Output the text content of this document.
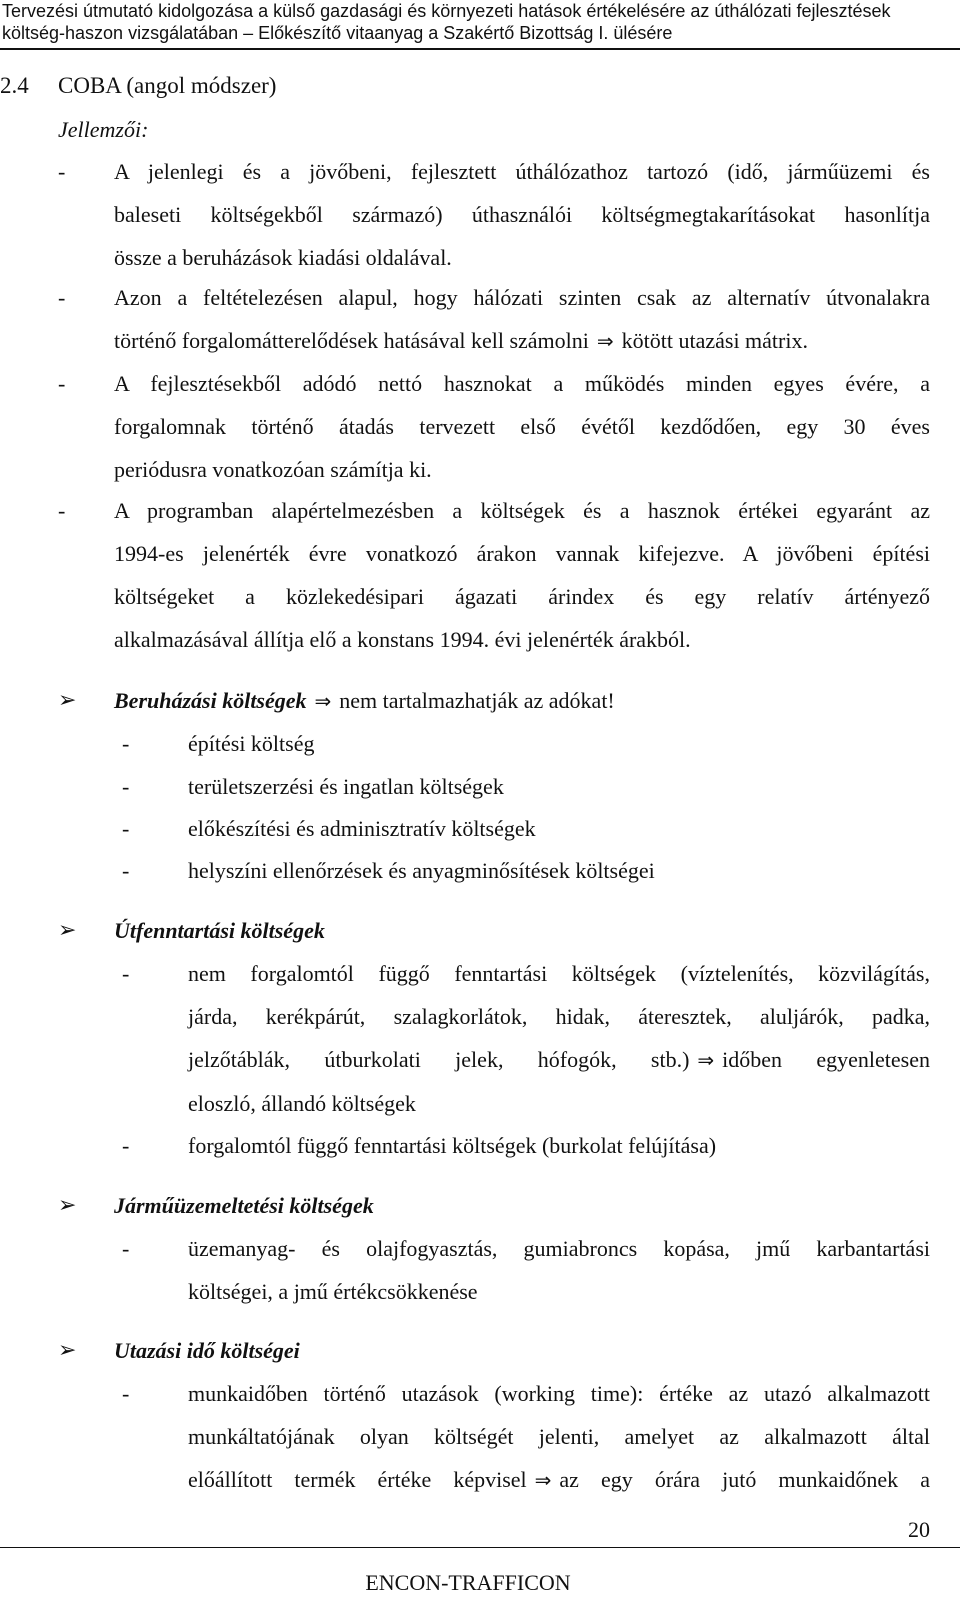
Tervezési útmutató kidolgozása a külső gazdasági és környezeti hatások értékelésére az úthálózati fejlesztések
költség-haszon vizsgálatában – Előkészítő vitaanyag a Szakértő Bizottság I. ülésére
2.4 COBA (angol módszer)
Jellemzői:
- A jelenlegi és a jövőbeni, fejlesztett úthálózathoz tartozó (idő, járműüzemi és
baleseti költségekből származó) úthasználói költségmegtakarításokat hasonlítja
össze a beruházások kiadási oldalával.
- Azon a feltételezésen alapul, hogy hálózati szinten csak az alternatív útvonalakra
történő forgalomátterelődések hatásával kell számolni ⇒ kötött utazási mátrix.
- A fejlesztésekből adódó nettó hasznokat a működés minden egyes évére, a
forgalomnak történő átadás tervezett első évétől kezdődően, egy 30 éves
periódusra vonatkozóan számítja ki.
- A programban alapértelmezésben a költségek és a hasznok értékei egyaránt az
1994-es jelenérték évre vonatkozó árakon vannak kifejezve. A jövőbeni építési
költségeket a közlekedésipari ágazati árindex és egy relatív ártényező
alkalmazásával állítja elő a konstans 1994. évi jelenérték árakból.
➢ Beruházási költségek ⇒ nem tartalmazhatják az adókat!
-	építési költség
-	területszerzési és ingatlan költségek
-	előkészítési és adminisztratív költségek
-	helyszíni ellenőrzések és anyagminősítések költségei
➢ Útfenntartási költségek
-	nem forgalomtól függő fenntartási költségek (víztelenítés, közvilágítás,
járda, kerékpárút, szalagkorlátok, hidak, áteresztek, aluljárók, padka,
jelzőtáblák, útburkolati jelek, hófogók, stb.) ⇒ időben egyenletesen
eloszló, állandó költségek
-	forgalomtól függő fenntartási költségek (burkolat felújítása)
➢ Járműüzemeltetési költségek
-	üzemanyag- és olajfogyasztás, gumiabroncs kopása, jmű karbantartási
költségei, a jmű értékcsökkenése
➢ Utazási idő költségei
-	munkaidőben történő utazások (working time): értéke az utazó alkalmazott
munkáltatójának olyan költségét jelenti, amelyet az alkalmazott által
előállított termék értéke képvisel ⇒ az egy órára jutó munkaidőnek a
20
ENCON-TRAFFICON
